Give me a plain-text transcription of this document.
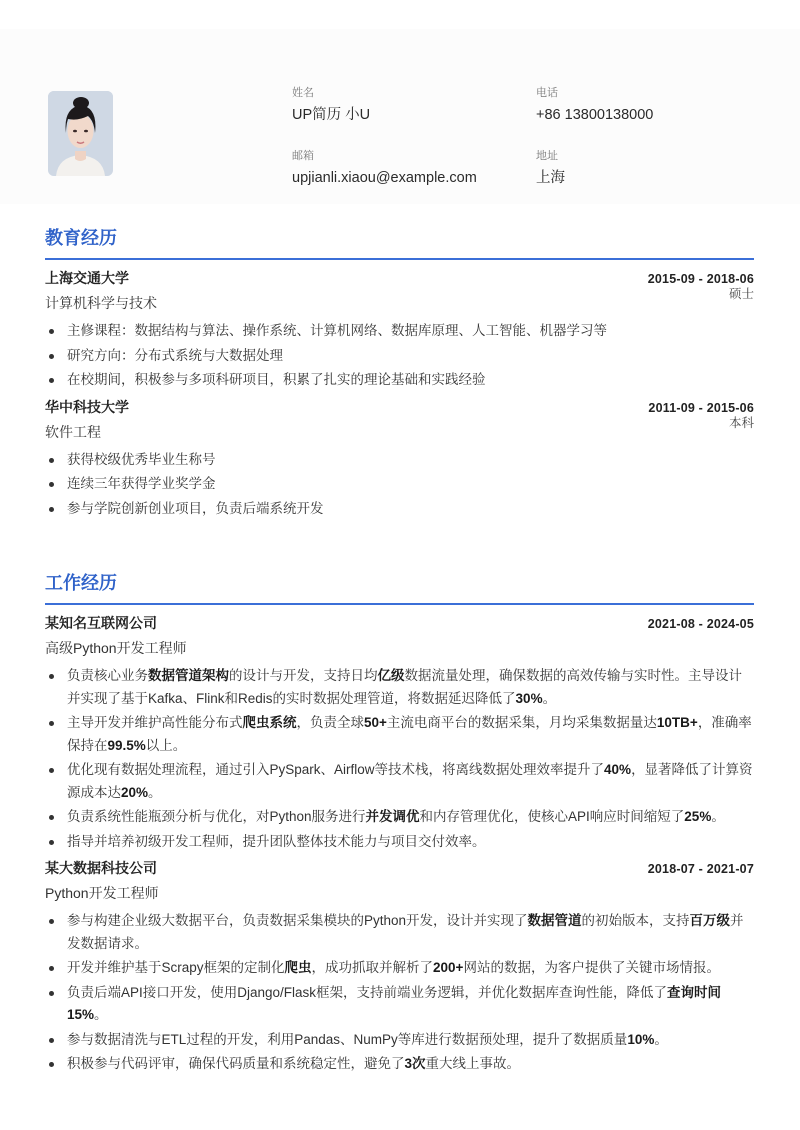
姓名
UP简历 小U
电话
+86 13800138000
邮箱
upjianli.xiaou@example.com
地址
上海
教育经历
上海交通大学	2015-09 - 2018-06
计算机科学与技术
硕士
主修课程：数据结构与算法、操作系统、计算机网络、数据库原理、人工智能、机器学习等
研究方向：分布式系统与大数据处理
在校期间，积极参与多项科研项目，积累了扎实的理论基础和实践经验
华中科技大学	2011-09 - 2015-06
软件工程
本科
获得校级优秀毕业生称号
连续三年获得学业奖学金
参与学院创新创业项目，负责后端系统开发
工作经历
某知名互联网公司	2021-08 - 2024-05
高级Python开发工程师
负责核心业务数据管道架构的设计与开发，支持日均亿级数据流量处理，确保数据的高效传输与实时性。主导设计并实现了基于Kafka、Flink和Redis的实时数据处理管道，将数据延迟降低了30%。
主导开发并维护高性能分布式爬虫系统，负责全球50+主流电商平台的数据采集，月均采集数据量达10TB+，准确率保持在99.5%以上。
优化现有数据处理流程，通过引入PySpark、Airflow等技术栈，将离线数据处理效率提升了40%，显著降低了计算资源成本达20%。
负责系统性能瓶颈分析与优化，对Python服务进行并发调优和内存管理优化，使核心API响应时间缩短了25%。
指导并培养初级开发工程师，提升团队整体技术能力与项目交付效率。
某大数据科技公司	2018-07 - 2021-07
Python开发工程师
参与构建企业级大数据平台，负责数据采集模块的Python开发，设计并实现了数据管道的初始版本，支持百万级并发数据请求。
开发并维护基于Scrapy框架的定制化爬虫，成功抓取并解析了200+网站的数据，为客户提供了关键市场情报。
负责后端API接口开发，使用Django/Flask框架，支持前端业务逻辑，并优化数据库查询性能，降低了查询时间15%。
参与数据清洗与ETL过程的开发，利用Pandas、NumPy等库进行数据预处理，提升了数据质量10%。
积极参与代码评审，确保代码质量和系统稳定性，避免了3次重大线上事故。
